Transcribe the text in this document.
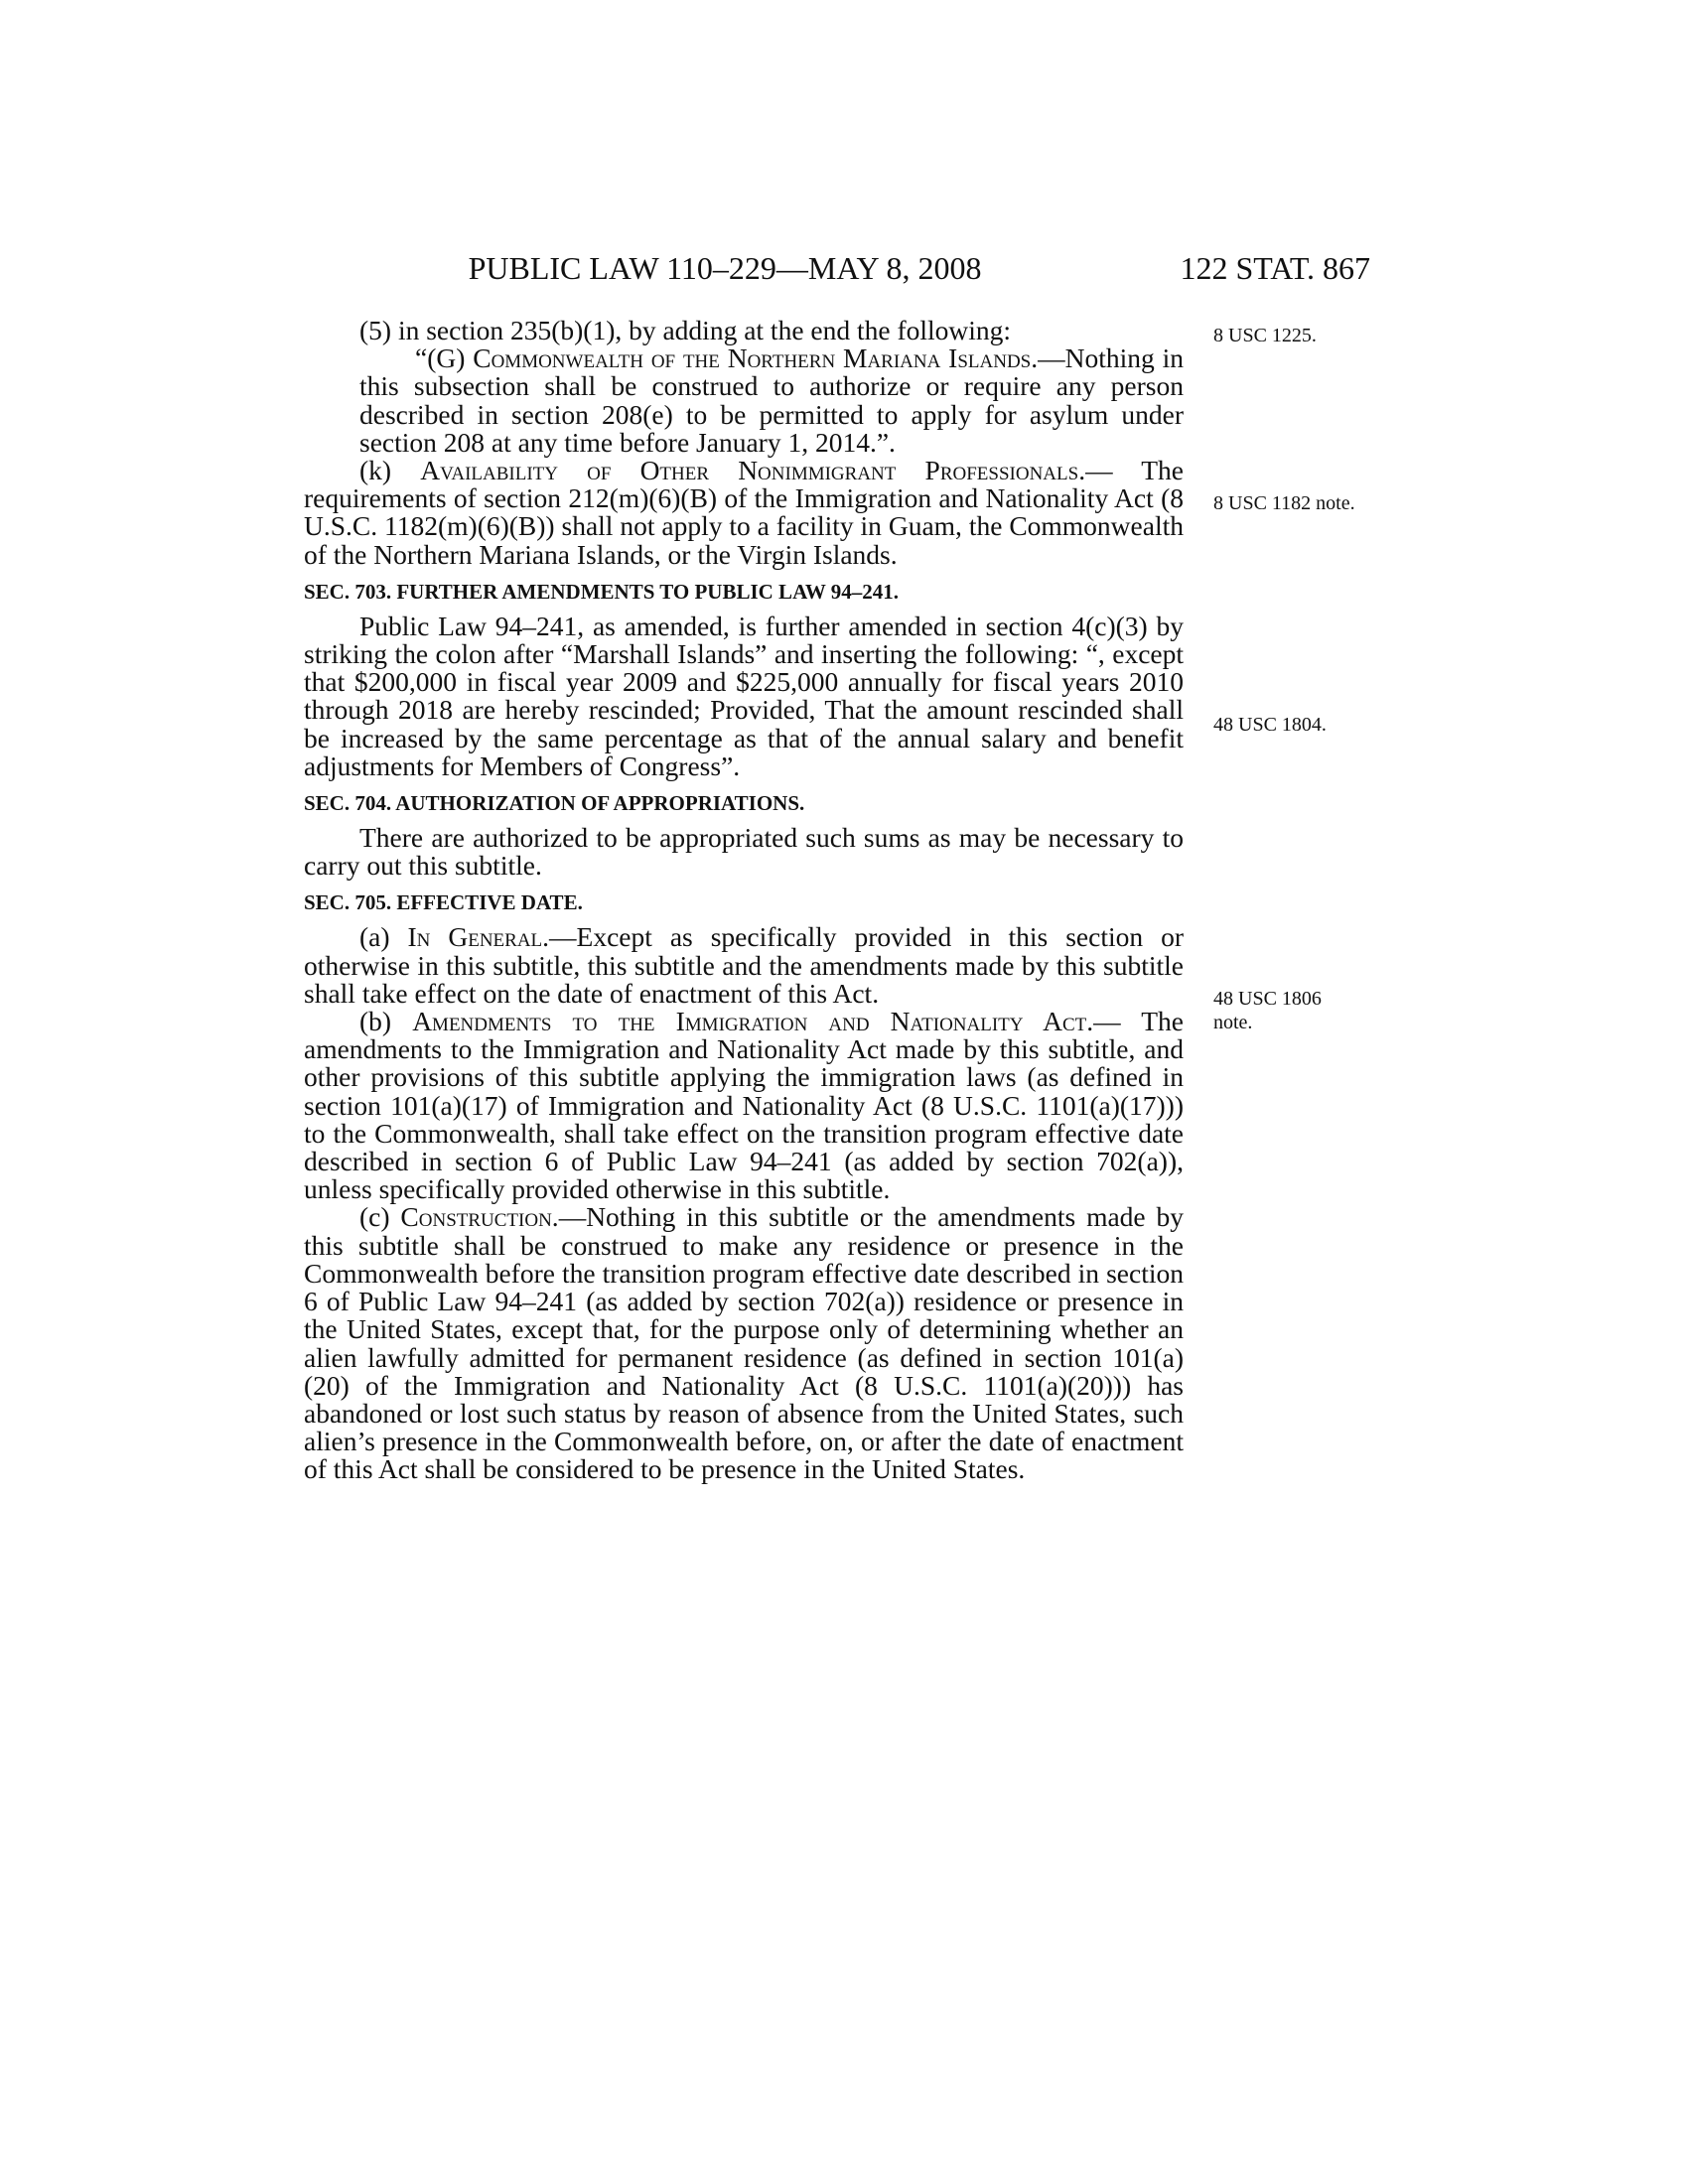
PUBLIC LAW 110–229—MAY 8, 2008	122 STAT. 867
8 USC 1225.
8 USC 1182 note.
48 USC 1804.
48 USC 1806
note.

(5) in section 235(b)(1), by adding at the end the following:

“(G) Commonwealth of the Northern Mariana Islands.—Nothing in this subsection shall be construed to authorize or require any person described in section 208(e) to be permitted to apply for asylum under section 208 at any time before January 1, 2014.”.

(k) Availability of Other Nonimmigrant Professionals.— The requirements of section 212(m)(6)(B) of the Immigration and Nationality Act (8 U.S.C. 1182(m)(6)(B)) shall not apply to a facility in Guam, the Commonwealth of the Northern Mariana Islands, or the Virgin Islands.

SEC. 703. FURTHER AMENDMENTS TO PUBLIC LAW 94–241.

Public Law 94–241, as amended, is further amended in section 4(c)(3) by striking the colon after “Marshall Islands” and inserting the following: “, except that $200,000 in fiscal year 2009 and $225,000 annually for fiscal years 2010 through 2018 are hereby rescinded; Provided, That the amount rescinded shall be increased by the same percentage as that of the annual salary and benefit adjustments for Members of Congress”.

SEC. 704. AUTHORIZATION OF APPROPRIATIONS.

There are authorized to be appropriated such sums as may be necessary to carry out this subtitle.

SEC. 705. EFFECTIVE DATE.

(a) In General.—Except as specifically provided in this section or otherwise in this subtitle, this subtitle and the amendments made by this subtitle shall take effect on the date of enactment of this Act.

(b) Amendments to the Immigration and Nationality Act.— The amendments to the Immigration and Nationality Act made by this subtitle, and other provisions of this subtitle applying the immigration laws (as defined in section 101(a)(17) of Immigration and Nationality Act (8 U.S.C. 1101(a)(17))) to the Commonwealth, shall take effect on the transition program effective date described in section 6 of Public Law 94–241 (as added by section 702(a)), unless specifically provided otherwise in this subtitle.

(c) Construction.—Nothing in this subtitle or the amendments made by this subtitle shall be construed to make any residence or presence in the Commonwealth before the transition program effective date described in section 6 of Public Law 94–241 (as added by section 702(a)) residence or presence in the United States, except that, for the purpose only of determining whether an alien lawfully admitted for permanent residence (as defined in section 101(a)(20) of the Immigration and Nationality Act (8 U.S.C. 1101(a)(20))) has abandoned or lost such status by reason of absence from the United States, such alien’s presence in the Commonwealth before, on, or after the date of enactment of this Act shall be considered to be presence in the United States.
